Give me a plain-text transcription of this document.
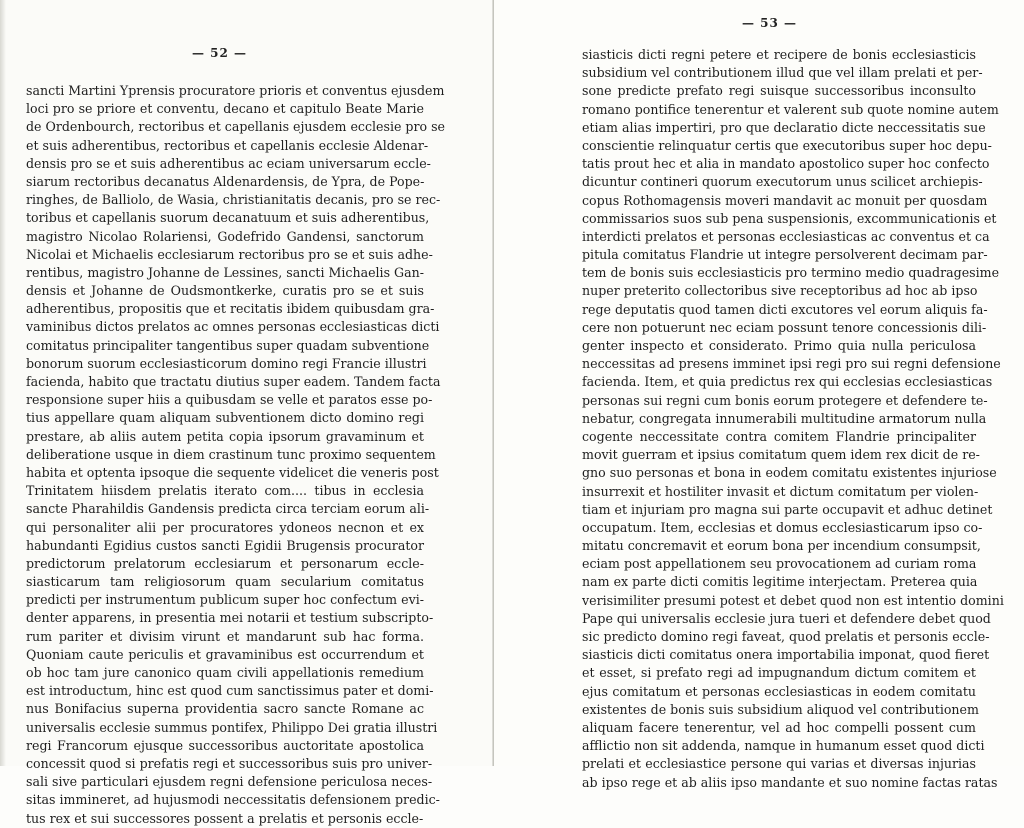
— 52 —
sancti Martini Yprensis procuratore prioris et conventus ejusdem
loci pro se priore et conventu, decano et capitulo Beate Marie
de Ordenbourch, rectoribus et capellanis ejusdem ecclesie pro se
et suis adherentibus, rectoribus et capellanis ecclesie Aldenar-
densis pro se et suis adherentibus ac eciam universarum eccle-
siarum rectoribus decanatus Aldenardensis, de Ypra, de Pope-
ringhes, de Balliolo, de Wasia, christianitatis decanis, pro se rec-
toribus et capellanis suorum decanatuum et suis adherentibus,
magistro Nicolao Rolariensi, Godefrido Gandensi, sanctorum
Nicolai et Michaelis ecclesiarum rectoribus pro se et suis adhe-
rentibus, magistro Johanne de Lessines, sancti Michaelis Gan-
densis et Johanne de Oudsmontkerke, curatis pro se et suis
adherentibus, propositis que et recitatis ibidem quibusdam gra-
vaminibus dictos prelatos ac omnes personas ecclesiasticas dicti
comitatus principaliter tangentibus super quadam subventione
bonorum suorum ecclesiasticorum domino regi Francie illustri
facienda, habito que tractatu diutius super eadem. Tandem facta
responsione super hiis a quibusdam se velle et paratos esse po-
tius appellare quam aliquam subventionem dicto domino regi
prestare, ab aliis autem petita copia ipsorum gravaminum et
deliberatione usque in diem crastinum tunc proximo sequentem
habita et optenta ipsoque die sequente videlicet die veneris post
Trinitatem hiisdem prelatis iterato com.... tibus in ecclesia
sancte Pharahildis Gandensis predicta circa terciam eorum ali-
qui personaliter alii per procuratores ydoneos necnon et ex
habundanti Egidius custos sancti Egidii Brugensis procurator
predictorum prelatorum ecclesiarum et personarum eccle-
siasticarum tam religiosorum quam secularium comitatus
predicti per instrumentum publicum super hoc confectum evi-
denter apparens, in presentia mei notarii et testium subscripto-
rum pariter et divisim virunt et mandarunt sub hac forma.
Quoniam caute periculis et gravaminibus est occurrendum et
ob hoc tam jure canonico quam civili appellationis remedium
est introductum, hinc est quod cum sanctissimus pater et domi-
nus Bonifacius superna providentia sacro sancte Romane ac
universalis ecclesie summus pontifex, Philippo Dei gratia illustri
regi Francorum ejusque successoribus auctoritate apostolica
concessit quod si prefatis regi et successoribus suis pro univer-
sali sive particulari ejusdem regni defensione periculosa neces-
sitas immineret, ad hujusmodi neccessitatis defensionem predic-
tus rex et sui successores possent a prelatis et personis eccle-
— 53 —
siasticis dicti regni petere et recipere de bonis ecclesiasticis
subsidium vel contributionem illud que vel illam prelati et per-
sone predicte prefato regi suisque successoribus inconsulto
romano pontifice tenerentur et valerent sub quote nomine autem
etiam alias impertiri, pro que declaratio dicte neccessitatis sue
conscientie relinquatur certis que executoribus super hoc depu-
tatis prout hec et alia in mandato apostolico super hoc confecto
dicuntur contineri quorum executorum unus scilicet archiepis-
copus Rothomagensis moveri mandavit ac monuit per quosdam
commissarios suos sub pena suspensionis, excommunicationis et
interdicti prelatos et personas ecclesiasticas ac conventus et ca
pitula comitatus Flandrie ut integre persolverent decimam par-
tem de bonis suis ecclesiasticis pro termino medio quadragesime
nuper preterito collectoribus sive receptoribus ad hoc ab ipso
rege deputatis quod tamen dicti excutores vel eorum aliquis fa-
cere non potuerunt nec eciam possunt tenore concessionis dili-
genter inspecto et considerato. Primo quia nulla periculosa
neccessitas ad presens imminet ipsi regi pro sui regni defensione
facienda. Item, et quia predictus rex qui ecclesias ecclesiasticas
personas sui regni cum bonis eorum protegere et defendere te-
nebatur, congregata innumerabili multitudine armatorum nulla
cogente neccessitate contra comitem Flandrie principaliter
movit guerram et ipsius comitatum quem idem rex dicit de re-
gno suo personas et bona in eodem comitatu existentes injuriose
insurrexit et hostiliter invasit et dictum comitatum per violen-
tiam et injuriam pro magna sui parte occupavit et adhuc detinet
occupatum. Item, ecclesias et domus ecclesiasticarum ipso co-
mitatu concremavit et eorum bona per incendium consumpsit,
eciam post appellationem seu provocationem ad curiam roma
nam ex parte dicti comitis legitime interjectam. Preterea quia
verisimiliter presumi potest et debet quod non est intentio domini
Pape qui universalis ecclesie jura tueri et defendere debet quod
sic predicto domino regi faveat, quod prelatis et personis eccle-
siasticis dicti comitatus onera importabilia imponat, quod fieret
et esset, si prefato regi ad impugnandum dictum comitem et
ejus comitatum et personas ecclesiasticas in eodem comitatu
existentes de bonis suis subsidium aliquod vel contributionem
aliquam facere tenerentur, vel ad hoc compelli possent cum
afflictio non sit addenda, namque in humanum esset quod dicti
prelati et ecclesiastice persone qui varias et diversas injurias
ab ipso rege et ab aliis ipso mandante et suo nomine factas ratas
